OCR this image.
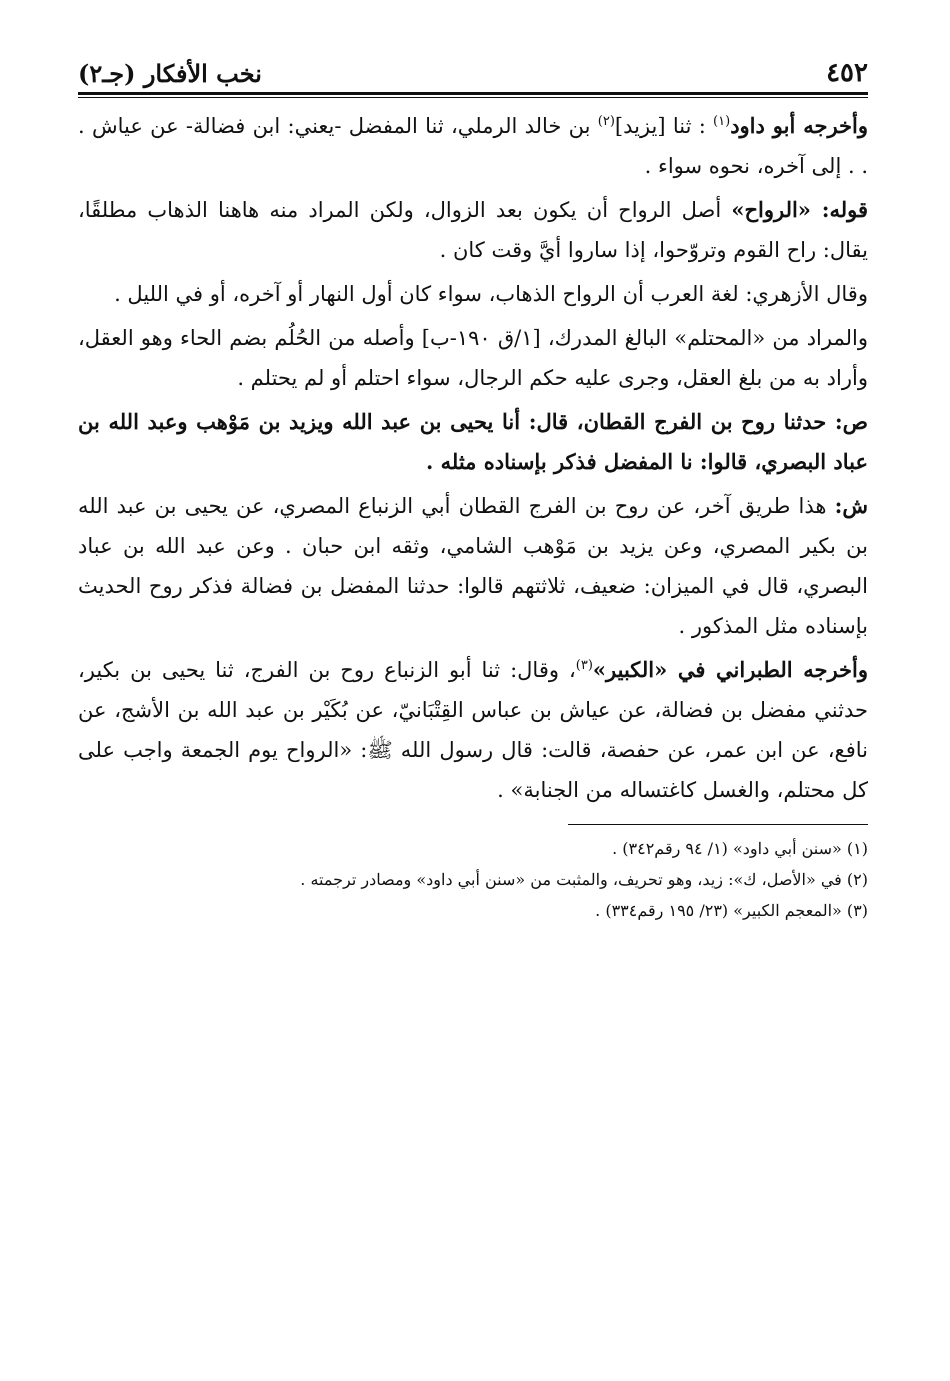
٤٥٢
نخب الأفكار (جـ٢)

وأخرجه أبو داود$^{(١)}$ : ثنا [يزيد]$^{(٢)}$ بن خالد الرملي، ثنا المفضل -يعني: ابن فضالة- عن عياش . . . إلى آخره، نحوه سواء .

قوله: «الرواح» أصل الرواح أن يكون بعد الزوال، ولكن المراد منه هاهنا الذهاب مطلقًا، يقال: راح القوم وتروّحوا، إذا ساروا أيَّ وقت كان .

وقال الأزهري: لغة العرب أن الرواح الذهاب، سواء كان أول النهار أو آخره، أو في الليل .

والمراد من «المحتلم» البالغ المدرك، [١/ق ١٩٠-ب] وأصله من الحُلُم بضم الحاء وهو العقل، وأراد به من بلغ العقل، وجرى عليه حكم الرجال، سواء احتلم أو لم يحتلم .

ص: حدثنا روح بن الفرج القطان، قال: أنا يحيى بن عبد الله ويزيد بن مَوْهب وعبد الله بن عباد البصري، قالوا: نا المفضل فذكر بإسناده مثله .

ش: هذا طريق آخر، عن روح بن الفرج القطان أبي الزنباع المصري، عن يحيى بن عبد الله بن بكير المصري، وعن يزيد بن مَوْهب الشامي، وثقه ابن حبان . وعن عبد الله بن عباد البصري، قال في الميزان: ضعيف، ثلاثتهم قالوا: حدثنا المفضل بن فضالة فذكر روح الحديث بإسناده مثل المذكور .

وأخرجه الطبراني في «الكبير»$^{(٣)}$، وقال: ثنا أبو الزنباع روح بن الفرج، ثنا يحيى بن بكير، حدثني مفضل بن فضالة، عن عياش بن عباس القِتْبَانيّ، عن بُكَيْر بن عبد الله بن الأشج، عن نافع، عن ابن عمر، عن حفصة، قالت: قال رسول الله ﷺ: «الرواح يوم الجمعة واجب على كل محتلم، والغسل كاغتساله من الجنابة» .

(١) «سنن أبي داود» (١/ ٩٤ رقم٣٤٢) .

(٢) في «الأصل، ك»: زيد، وهو تحريف، والمثبت من «سنن أبي داود» ومصادر ترجمته .

(٣) «المعجم الكبير» (٢٣/ ١٩٥ رقم٣٣٤) .
